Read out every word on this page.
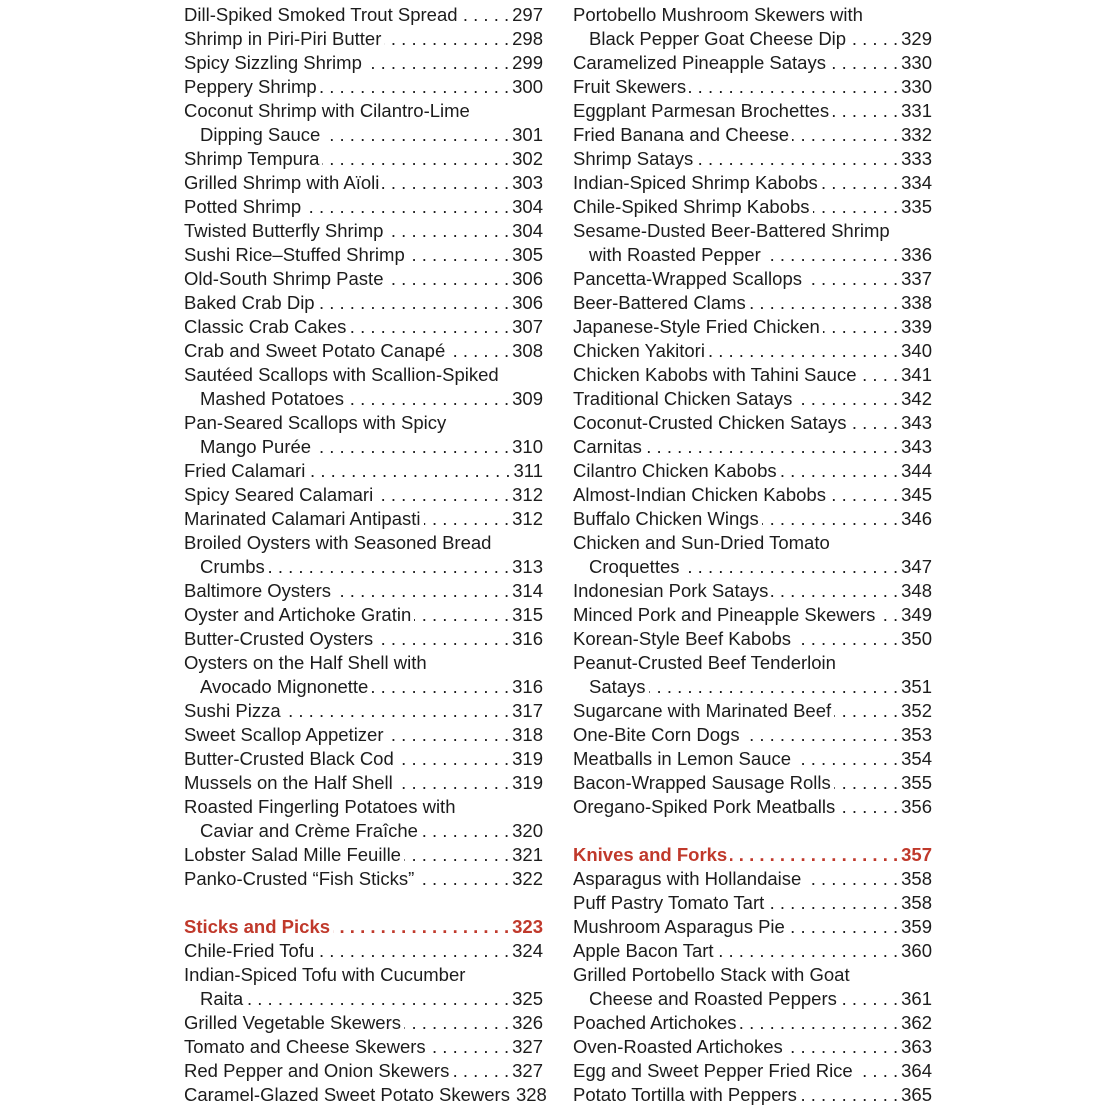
Dill-Spiked Smoked Trout Spread . . .	297
Shrimp in Piri-Piri Butter . . .	298
Spicy Sizzling Shrimp . . .	299
Peppery Shrimp . . .	300
Coconut Shrimp with Cilantro-Lime
Dipping Sauce . . .	301
Shrimp Tempura . . .	302
Grilled Shrimp with Aïoli . . .	303
Potted Shrimp . . .	304
Twisted Butterfly Shrimp . . .	304
Sushi Rice–Stuffed Shrimp . . .	305
Old-South Shrimp Paste . . .	306
Baked Crab Dip . . .	306
Classic Crab Cakes . . .	307
Crab and Sweet Potato Canapé . . .	308
Sautéed Scallops with Scallion-Spiked
Mashed Potatoes . . .	309
Pan-Seared Scallops with Spicy
Mango Purée . . .	310
Fried Calamari . . .	311
Spicy Seared Calamari . . .	312
Marinated Calamari Antipasti . . .	312
Broiled Oysters with Seasoned Bread
Crumbs . . .	313
Baltimore Oysters . . .	314
Oyster and Artichoke Gratin . . .	315
Butter-Crusted Oysters . . .	316
Oysters on the Half Shell with
Avocado Mignonette . . .	316
Sushi Pizza . . .	317
Sweet Scallop Appetizer . . .	318
Butter-Crusted Black Cod . . .	319
Mussels on the Half Shell . . .	319
Roasted Fingerling Potatoes with
Caviar and Crème Fraîche . . .	320
Lobster Salad Mille Feuille . . .	321
Panko-Crusted “Fish Sticks” . . .	322
Sticks and Picks . . .	323
Chile-Fried Tofu . . .	324
Indian-Spiced Tofu with Cucumber
Raita . . .	325
Grilled Vegetable Skewers . . .	326
Tomato and Cheese Skewers . . .	327
Red Pepper and Onion Skewers . . .	327
Caramel-Glazed Sweet Potato Skewers 328
Portobello Mushroom Skewers with
Black Pepper Goat Cheese Dip . . .	329
Caramelized Pineapple Satays . . .	330
Fruit Skewers . . .	330
Eggplant Parmesan Brochettes . . .	331
Fried Banana and Cheese . . .	332
Shrimp Satays . . .	333
Indian-Spiced Shrimp Kabobs . . .	334
Chile-Spiked Shrimp Kabobs . . .	335
Sesame-Dusted Beer-Battered Shrimp
with Roasted Pepper . . .	336
Pancetta-Wrapped Scallops . . .	337
Beer-Battered Clams . . .	338
Japanese-Style Fried Chicken . . .	339
Chicken Yakitori . . .	340
Chicken Kabobs with Tahini Sauce . . . 341
Traditional Chicken Satays . . .	342
Coconut-Crusted Chicken Satays . . .	343
Carnitas . . .	343
Cilantro Chicken Kabobs . . .	344
Almost-Indian Chicken Kabobs . . .	345
Buffalo Chicken Wings . . .	346
Chicken and Sun-Dried Tomato
Croquettes . . .	347
Indonesian Pork Satays . . .	348
Minced Pork and Pineapple Skewers . . . 349
Korean-Style Beef Kabobs . . .	350
Peanut-Crusted Beef Tenderloin
Satays . . .	351
Sugarcane with Marinated Beef . . .	352
One-Bite Corn Dogs . . .	353
Meatballs in Lemon Sauce . . .	354
Bacon-Wrapped Sausage Rolls . . .	355
Oregano-Spiked Pork Meatballs . . .	356
Knives and Forks . . .	357
Asparagus with Hollandaise . . .	358
Puff Pastry Tomato Tart . . .	358
Mushroom Asparagus Pie . . .	359
Apple Bacon Tart . . .	360
Grilled Portobello Stack with Goat
Cheese and Roasted Peppers . . .	361
Poached Artichokes . . .	362
Oven-Roasted Artichokes . . .	363
Egg and Sweet Pepper Fried Rice . . .	364
Potato Tortilla with Peppers . . .	365
